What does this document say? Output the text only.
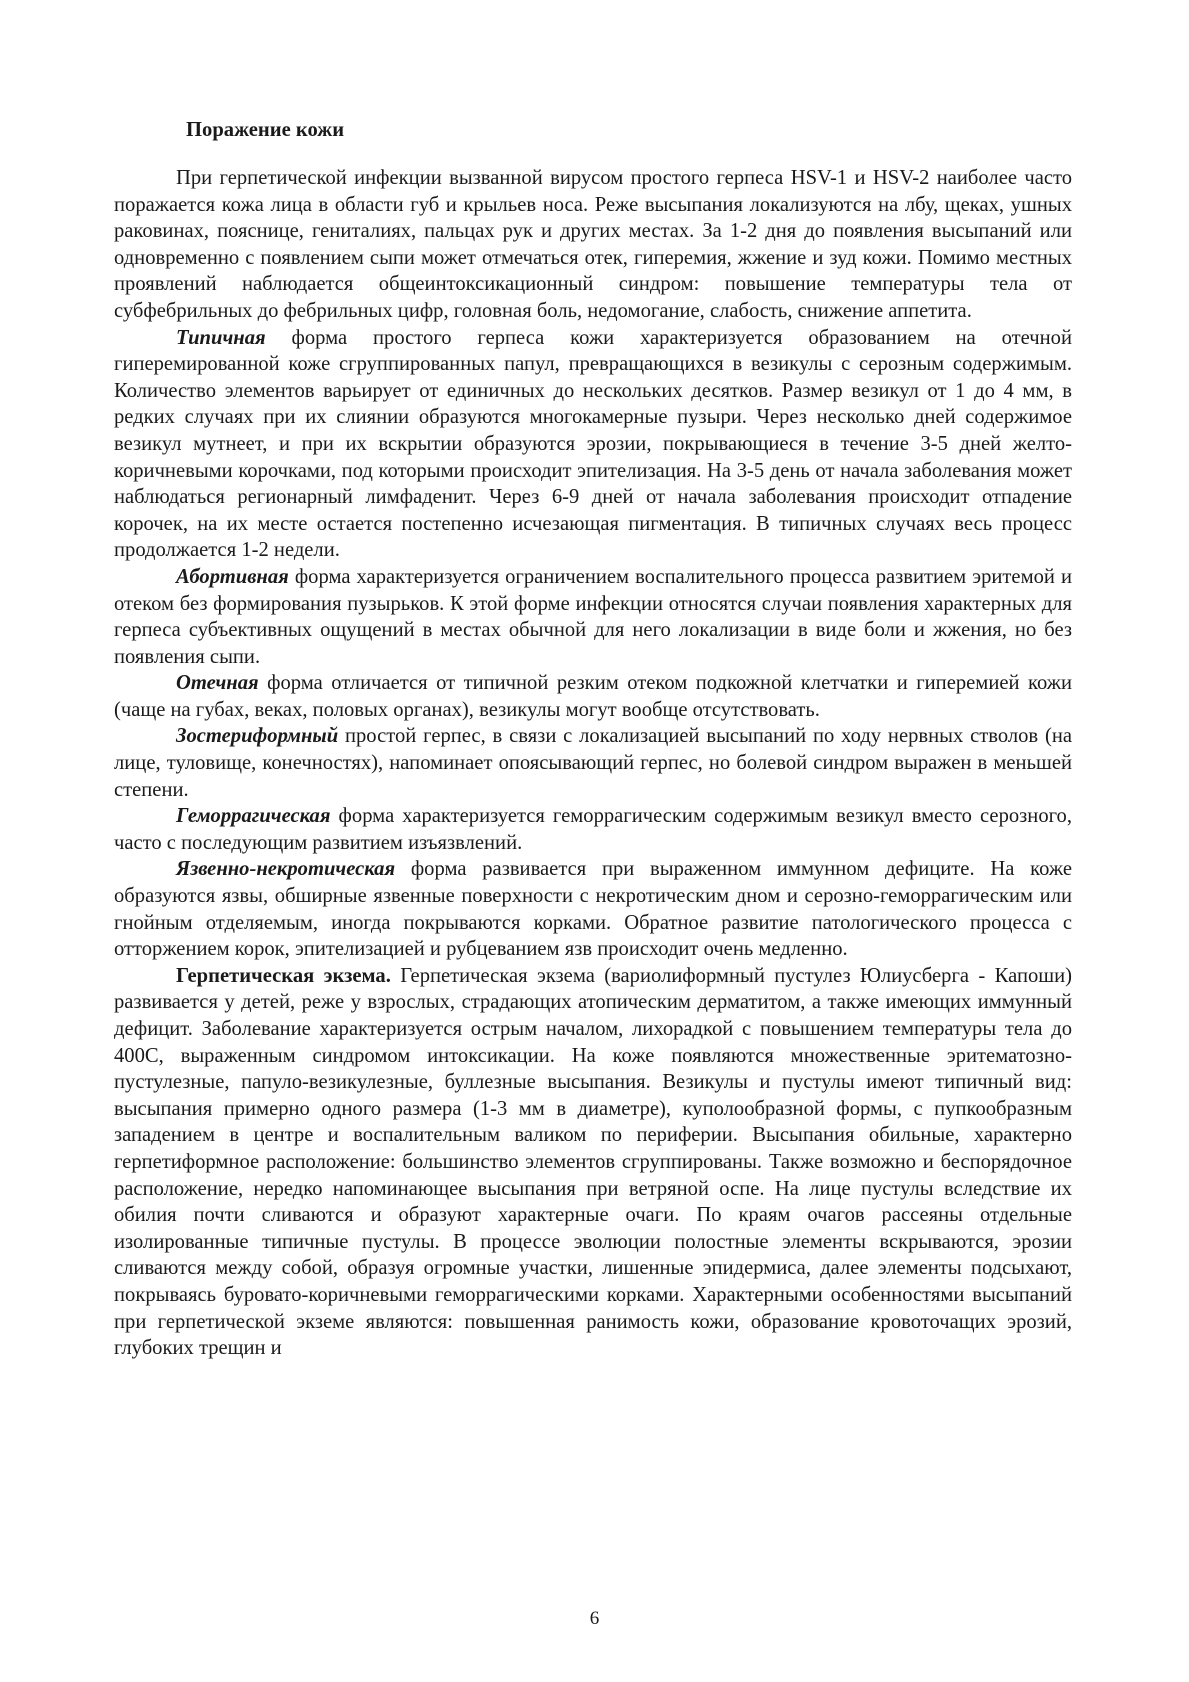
Поражение кожи

При герпетической инфекции вызванной вирусом простого герпеса HSV-1 и HSV-2 наиболее часто поражается кожа лица в области губ и крыльев носа. Реже высыпания локализуются на лбу, щеках, ушных раковинах, пояснице, гениталиях, пальцах рук и других местах. За 1-2 дня до появления высыпаний или одновременно с появлением сыпи может отмечаться отек, гиперемия, жжение и зуд кожи. Помимо местных проявлений наблюдается общеинтоксикационный синдром: повышение температуры тела от субфебрильных до фебрильных цифр, головная боль, недомогание, слабость, снижение аппетита.

Типичная форма простого герпеса кожи характеризуется образованием на отечной гиперемированной коже сгруппированных папул, превращающихся в везикулы с серозным содержимым. Количество элементов варьирует от единичных до нескольких десятков. Размер везикул от 1 до 4 мм, в редких случаях при их слиянии образуются многокамерные пузыри. Через несколько дней содержимое везикул мутнеет, и при их вскрытии образуются эрозии, покрывающиеся в течение 3-5 дней желто-коричневыми корочками, под которыми происходит эпителизация. На 3-5 день от начала заболевания может наблюдаться регионарный лимфаденит. Через 6-9 дней от начала заболевания происходит отпадение корочек, на их месте остается постепенно исчезающая пигментация. В типичных случаях весь процесс продолжается 1-2 недели.

Абортивная форма характеризуется ограничением воспалительного процесса развитием эритемой и отеком без формирования пузырьков. К этой форме инфекции относятся случаи появления характерных для герпеса субъективных ощущений в местах обычной для него локализации в виде боли и жжения, но без появления сыпи.

Отечная форма отличается от типичной резким отеком подкожной клетчатки и гиперемией кожи (чаще на губах, веках, половых органах), везикулы могут вообще отсутствовать.

Зостериформный простой герпес, в связи с локализацией высыпаний по ходу нервных стволов (на лице, туловище, конечностях), напоминает опоясывающий герпес, но болевой синдром выражен в меньшей степени.

Геморрагическая форма характеризуется геморрагическим содержимым везикул вместо серозного, часто с последующим развитием изъязвлений.

Язвенно-некротическая форма развивается при выраженном иммунном дефиците. На коже образуются язвы, обширные язвенные поверхности с некротическим дном и серозно-геморрагическим или гнойным отделяемым, иногда покрываются корками. Обратное развитие патологического процесса с отторжением корок, эпителизацией и рубцеванием язв происходит очень медленно.

Герпетическая экзема. Герпетическая экзема (вариолиформный пустулез Юлиусберга - Капоши) развивается у детей, реже у взрослых, страдающих атопическим дерматитом, а также имеющих иммунный дефицит. Заболевание характеризуется острым началом, лихорадкой с повышением температуры тела до 400С, выраженным синдромом интоксикации. На коже появляются множественные эритематозно-пустулезные, папуло-везикулезные, буллезные высыпания. Везикулы и пустулы имеют типичный вид: высыпания примерно одного размера (1-3 мм в диаметре), куполообразной формы, с пупкообразным западением в центре и воспалительным валиком по периферии. Высыпания обильные, характерно герпетиформное расположение: большинство элементов сгруппированы. Также возможно и беспорядочное расположение, нередко напоминающее высыпания при ветряной оспе. На лице пустулы вследствие их обилия почти сливаются и образуют характерные очаги. По краям очагов рассеяны отдельные изолированные типичные пустулы. В процессе эволюции полостные элементы вскрываются, эрозии сливаются между собой, образуя огромные участки, лишенные эпидермиса, далее элементы подсыхают, покрываясь буровато-коричневыми геморрагическими корками. Характерными особенностями высыпаний при герпетической экземе являются: повышенная ранимость кожи, образование кровоточащих эрозий, глубоких трещин и

6
